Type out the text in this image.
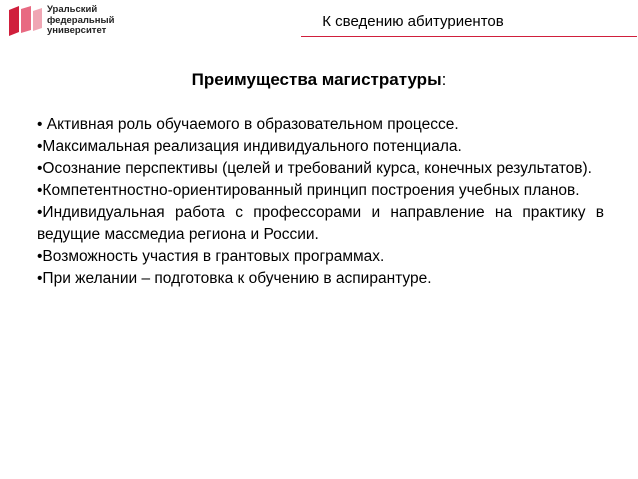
Уральский
федеральный
университет
К сведению абитуриентов
Преимущества магистратуры:

• Активная роль обучаемого в образовательном процессе.

•Максимальная реализация индивидуального потенциала.

•Осознание перспективы (целей и требований курса, конечных результатов).

•Компетентностно-ориентированный принцип построения учебных планов.

•Индивидуальная работа с профессорами и направление на практику в ведущие массмедиа региона и России.

•Возможность участия в грантовых программах.

•При желании – подготовка к обучению в аспирантуре.
